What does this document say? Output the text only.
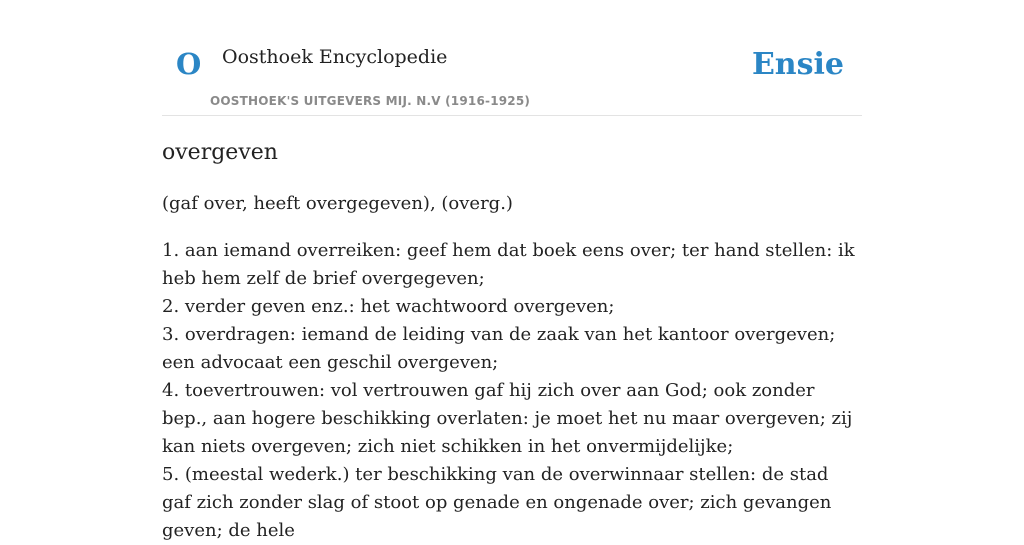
O Oosthoek Encyclopedie
OOSTHOEK'S UITGEVERS MIJ. N.V (1916-1925)
Ensie
overgeven
(gaf over, heeft overgegeven), (overg.)
1. aan iemand overreiken: geef hem dat boek eens over; ter hand stellen: ik heb hem zelf de brief overgegeven;
2. verder geven enz.: het wachtwoord overgeven;
3. overdragen: iemand de leiding van de zaak van het kantoor overgeven; een advocaat een geschil overgeven;
4. toevertrouwen: vol vertrouwen gaf hij zich over aan God; ook zonder bep., aan hogere beschikking overlaten: je moet het nu maar overgeven; zij kan niets overgeven; zich niet schikken in het onvermijdelijke;
5. (meestal wederk.) ter beschikking van de overwinnaar stellen: de stad gaf zich zonder slag of stoot op genade en ongenade over; zich gevangen geven; de hele
